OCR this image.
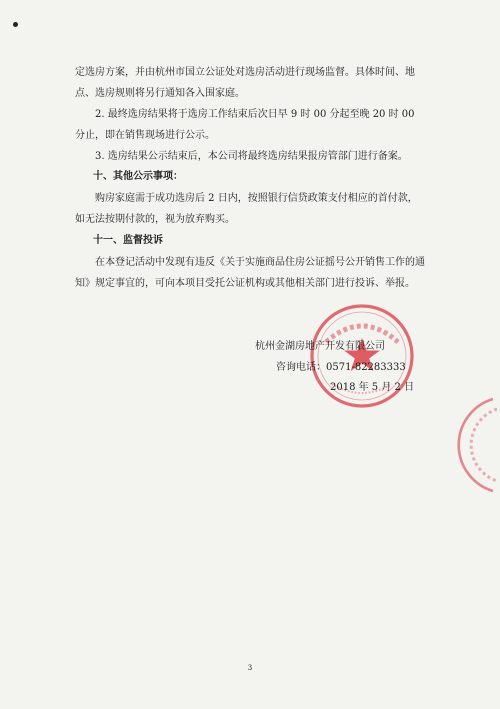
定选房方案，并由杭州市国立公证处对选房活动进行现场监督。具体时间、地点、选房规则将另行通知各入围家庭。

2. 最终选房结果将于选房工作结束后次日早 9 时 00 分起至晚 20 时 00 分止，即在销售现场进行公示。

3. 选房结果公示结束后，本公司将最终选房结果报房管部门进行备案。

十、其他公示事项：

购房家庭需于成功选房后 2 日内，按照银行信贷政策支付相应的首付款，如无法按期付款的，视为放弃购买。

十一、监督投诉

在本登记活动中发现有违反《关于实施商品住房公证摇号公开销售工作的通知》规定事宜的，可向本项目受托公证机构或其他相关部门进行投诉、举报。

杭州金湖房地产开发有限公司
咨询电话：0571-82283333
2018 年 5 月 2 日
3
